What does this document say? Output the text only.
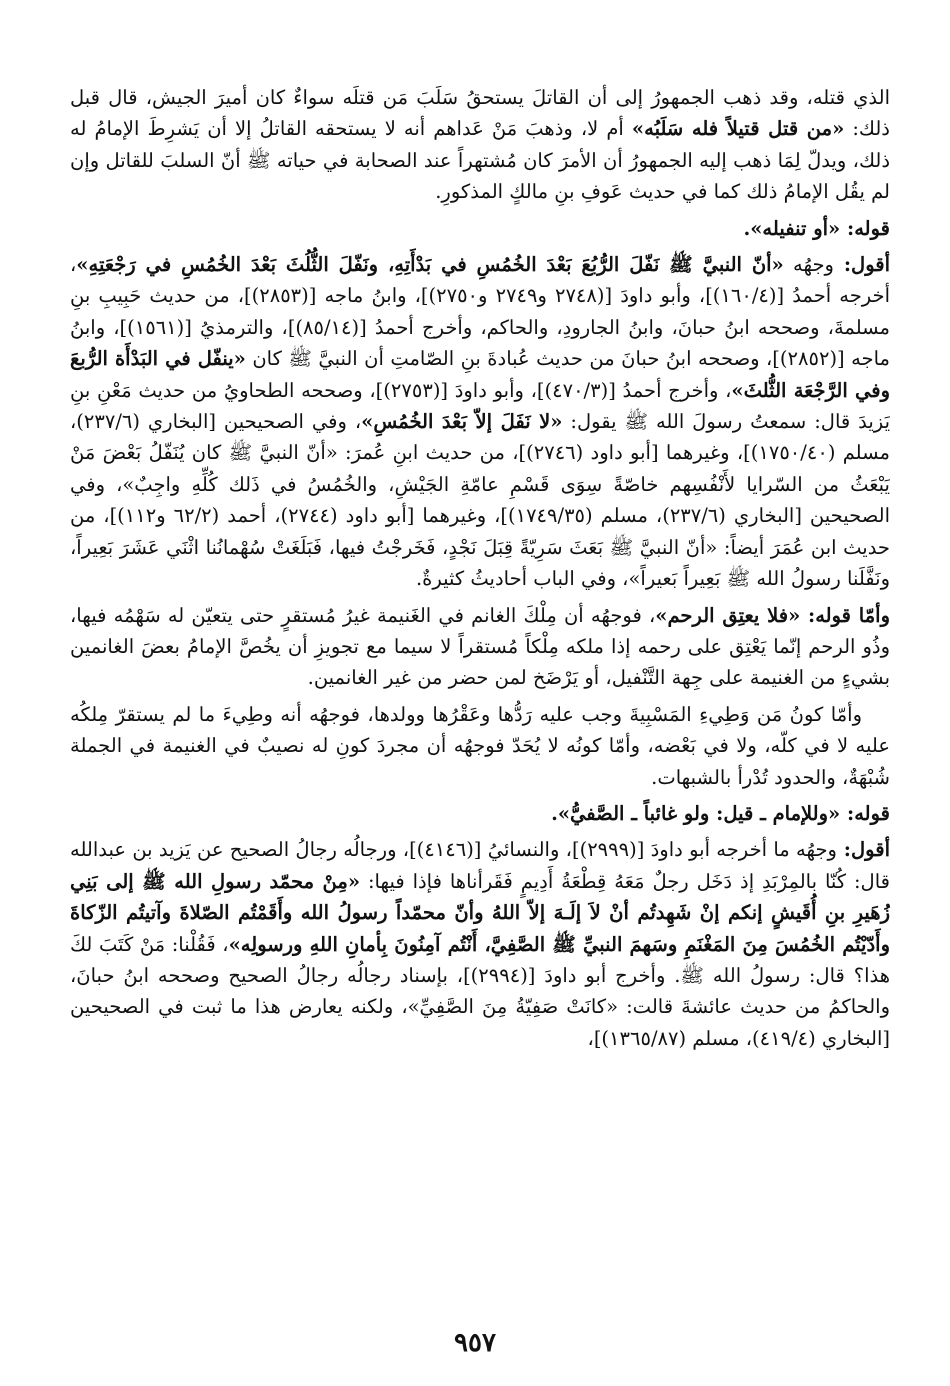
الذي قتله، وقد ذهب الجمهورُ إلى أن القاتلَ يستحقُ سَلَبَ مَن قتلَه سواءٌ كان أميرَ الجيش، قال قبل ذلك: «من قتل قتيلاً فله سَلَبُه» أم لا، وذهبَ مَنْ عَداهم أنه لا يستحقه القاتلُ إلا أن يَشرِطَ الإمامُ له ذلك، ويدلّ لِمَا ذهب إليه الجمهورُ أن الأمرَ كان مُشتهراً عند الصحابة في حياته ﷺ أنّ السلبَ للقاتل وإن لم يقُل الإمامُ ذلك كما في حديث عَوفِ بنِ مالكٍ المذكورِ.

قوله: «أو تنفيله».

أقول: وجهُه «أنّ النبيَّ ﷺ نَفّلَ الرُّبُعَ بَعْدَ الخُمُسِ في بَدْأَتِهِ، ونَفّلَ الثُّلُثَ بَعْدَ الخُمُسِ في رَجْعَتِهِ»، أخرجه أحمدُ [(١٦٠/٤)]، وأبو داودَ [(٢٧٤٨ و٢٧٤٩ و٢٧٥٠)]، وابنُ ماجه [(٢٨٥٣)]، من حديث حَبِيبِ بنِ مسلمةَ، وصححه ابنُ حبانَ، وابنُ الجارودِ، والحاكم، وأخرج أحمدُ [(٨٥/١٤)]، والترمذيُ [(١٥٦١)]، وابنُ ماجه [(٢٨٥٢)]، وصححه ابنُ حبانَ من حديث عُبادةَ بنِ الصّامتِ أن النبيَّ ﷺ كان «ينفّل في البَدْأَة الرُّبعَ وفي الرَّجْعَة الثُّلثَ»، وأخرج أحمدُ [(٤٧٠/٣)]، وأبو داودَ [(٢٧٥٣)]، وصححه الطحاويُ من حديث مَعْنِ بنِ يَزيدَ قال: سمعتُ رسولَ الله ﷺ يقول: «لا نَفَلَ إلاّ بَعْدَ الخُمُسِ»، وفي الصحيحين [البخاري (٢٣٧/٦)، مسلم (١٧٥٠/٤٠)]، وغيرهما [أبو داود (٢٧٤٦)]، من حديث ابنِ عُمرَ: «أنّ النبيَّ ﷺ كان يُنَفّلُ بَعْضَ مَنْ يَبْعَثُ من السّرايا لأَنْفُسِهم خاصّةً سِوَى قَسْمِ عامّةِ الجَيْشِ، والخُمُسُ في ذَلك كُلِّهِ واجِبٌ»، وفي الصحيحين [البخاري (٢٣٧/٦)، مسلم (١٧٤٩/٣٥)]، وغيرهما [أبو داود (٢٧٤٤)، أحمد (٦٢/٢ و١١٢)]، من حديث ابن عُمَرَ أيضاً: «أنّ النبيَّ ﷺ بَعَثَ سَرِيّةً قِبَلَ نَجْدٍ، فَخَرجْتُ فيها، فَبَلَغَتْ سُهْمانُنا اثْنَي عَشَرَ بَعِيراً، ونَفَّلَنا رسولُ الله ﷺ بَعِيراً بَعيراً»، وفي الباب أحاديثُ كثيرةٌ.

وأمّا قوله: «فلا يعتِق الرحم»، فوجهُه أن مِلْكَ الغانم في الغَنيمة غيرُ مُستقرٍ حتى يتعيّن له سَهْمُه فيها، وذُو الرحم إنّما يَعْتِق على رحمه إذا ملكه مِلْكاً مُستقراً لا سيما مع تجويزِ أن يخُصَّ الإمامُ بعضَ الغانمين بشيءٍ من الغنيمة على جِهة التَّنْفيل، أو يَرْضَخ لمن حضر من غير الغانمين.

وأمّا كونُ مَن وَطِيءِ المَسْبِيةَ وجب عليه رَدُّها وعَقْرُها وولدها، فوجهُه أنه وطِيءَ ما لم يستقرّ مِلكُه عليه لا في كلّه، ولا في بَعْضه، وأمّا كونُه لا يُحَدّ فوجهُه أن مجردَ كونِ له نصيبٌ في الغنيمة في الجملة شُبْهَةٌ، والحدود تُدْرأ بالشبهات.

قوله: «وللإمام ـ قيل: ولو غائباً ـ الصَّفيُّ».

أقول: وجهُه ما أخرجه أبو داودَ [(٢٩٩٩)]، والنسائيُ [(٤١٤٦)]، ورجالُه رجالُ الصحيح عن يَزيد بن عبدالله قال: كُنّا بالمِرْبَدِ إذ دَخَل رجلٌ مَعَهُ قِطْعَةُ أَدِيمٍ فَقَرأناها فإذا فيها: «مِنْ محمّد رسولِ الله ﷺ إلى بَنِي زُهَيرِ بنِ أُقَيشٍ إنكم إنْ شَهِدتُم أنْ لاَ إلَـهَ إلاّ اللهُ وأنّ محمّداً رسولُ الله وأَقَمْتُم الصّلاةَ وآتيتُم الزّكاةَ وأَدّيْتُم الخُمُسَ مِنَ المَغْنَمِ وسَهمَ النبيِّ ﷺ الصَّفِيَّ، أَنْتُم آمِنُونَ بِأمانِ اللهِ ورسولِه»، فَقُلْنا: مَنْ كَتَبَ لكَ هذا؟ قال: رسولُ الله ﷺ. وأخرج أبو داودَ [(٢٩٩٤)]، بإسناد رجالُه رجالُ الصحيح وصححه ابنُ حبانَ، والحاكمُ من حديث عائشةَ قالت: «كانَتْ صَفِيّةُ مِنَ الصَّفِيِّ»، ولكنه يعارض هذا ما ثبت في الصحيحين [البخاري (٤١٩/٤)، مسلم (١٣٦٥/٨٧)]،

٩٥٧
